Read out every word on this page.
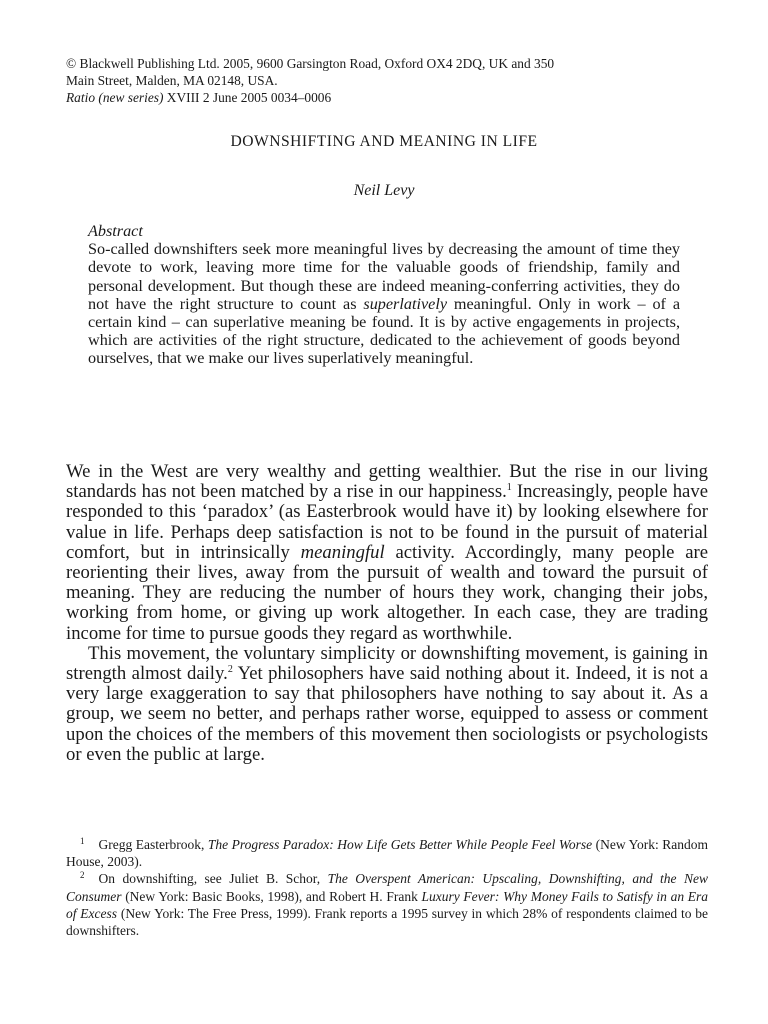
© Blackwell Publishing Ltd. 2005, 9600 Garsington Road, Oxford OX4 2DQ, UK and 350
Main Street, Malden, MA 02148, USA.
Ratio (new series) XVIII 2 June 2005 0034–0006
DOWNSHIFTING AND MEANING IN LIFE
Neil Levy
Abstract
So-called downshifters seek more meaningful lives by decreasing the amount of time they devote to work, leaving more time for the valuable goods of friendship, family and personal development. But though these are indeed meaning-conferring activities, they do not have the right structure to count as superlatively meaningful. Only in work – of a certain kind – can superlative meaning be found. It is by active engagements in projects, which are activities of the right structure, dedicated to the achievement of goods beyond ourselves, that we make our lives superlatively meaningful.

We in the West are very wealthy and getting wealthier. But the rise in our living standards has not been matched by a rise in our happiness.$^1$ Increasingly, people have responded to this ‘paradox’ (as Easterbrook would have it) by looking elsewhere for value in life. Perhaps deep satisfaction is not to be found in the pursuit of material comfort, but in intrinsically meaningful activity. Accordingly, many people are reorienting their lives, away from the pursuit of wealth and toward the pursuit of meaning. They are reducing the number of hours they work, changing their jobs, working from home, or giving up work altogether. In each case, they are trading income for time to pursue goods they regard as worthwhile.

This movement, the voluntary simplicity or downshifting movement, is gaining in strength almost daily.$^2$ Yet philosophers have said nothing about it. Indeed, it is not a very large exaggeration to say that philosophers have nothing to say about it. As a group, we seem no better, and perhaps rather worse, equipped to assess or comment upon the choices of the members of this movement then sociologists or psychologists or even the public at large.

$^1$ Gregg Easterbrook, The Progress Paradox: How Life Gets Better While People Feel Worse (New York: Random House, 2003).

$^2$ On downshifting, see Juliet B. Schor, The Overspent American: Upscaling, Downshifting, and the New Consumer (New York: Basic Books, 1998), and Robert H. Frank Luxury Fever: Why Money Fails to Satisfy in an Era of Excess (New York: The Free Press, 1999). Frank reports a 1995 survey in which 28% of respondents claimed to be downshifters.
